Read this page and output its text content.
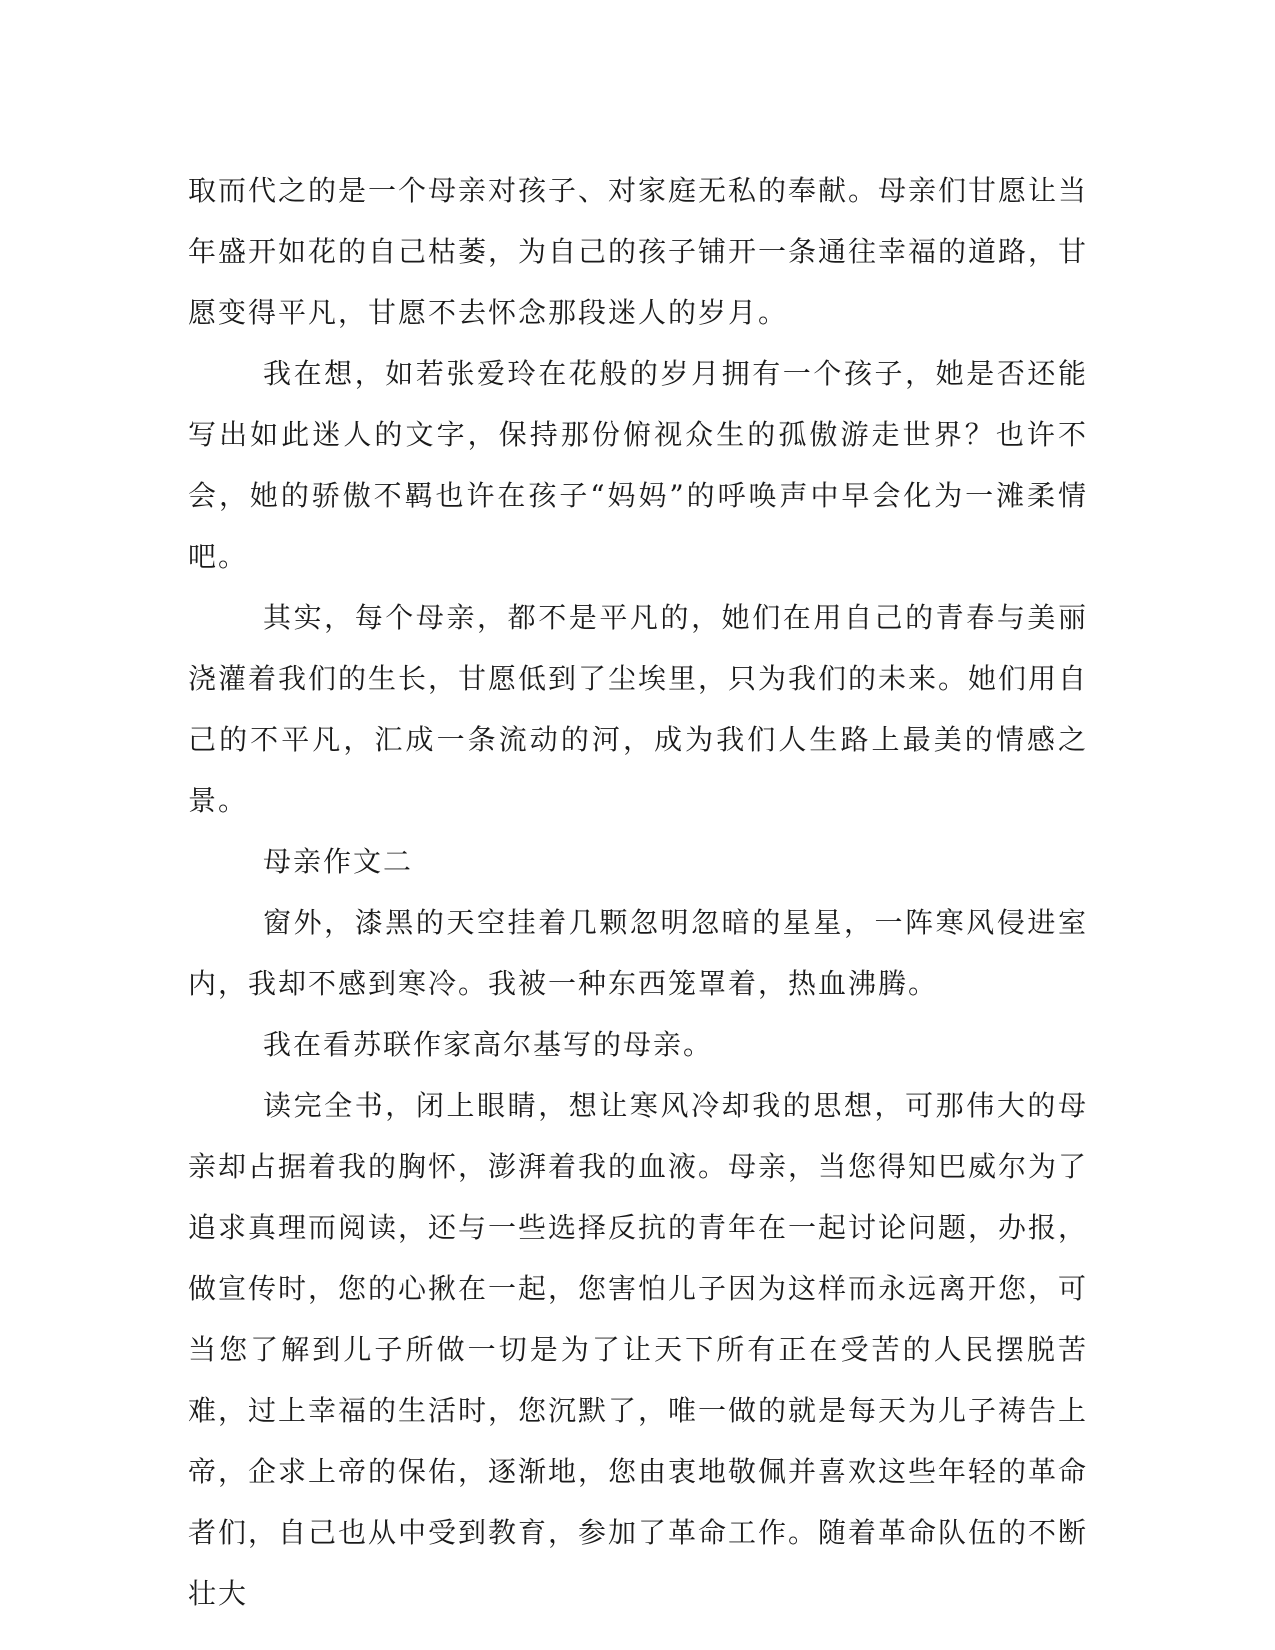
取而代之的是一个母亲对孩子、对家庭无私的奉献。母亲们甘愿让当年盛开如花的自己枯萎，为自己的孩子铺开一条通往幸福的道路，甘愿变得平凡，甘愿不去怀念那段迷人的岁月。

我在想，如若张爱玲在花般的岁月拥有一个孩子，她是否还能写出如此迷人的文字，保持那份俯视众生的孤傲游走世界？也许不会，她的骄傲不羁也许在孩子“妈妈”的呼唤声中早会化为一滩柔情吧。

其实，每个母亲，都不是平凡的，她们在用自己的青春与美丽浇灌着我们的生长，甘愿低到了尘埃里，只为我们的未来。她们用自己的不平凡，汇成一条流动的河，成为我们人生路上最美的情感之景。

母亲作文二

窗外，漆黑的天空挂着几颗忽明忽暗的星星，一阵寒风侵进室内，我却不感到寒冷。我被一种东西笼罩着，热血沸腾。

我在看苏联作家高尔基写的母亲。

读完全书，闭上眼睛，想让寒风冷却我的思想，可那伟大的母亲却占据着我的胸怀，澎湃着我的血液。母亲，当您得知巴威尔为了追求真理而阅读，还与一些选择反抗的青年在一起讨论问题，办报，做宣传时，您的心揪在一起，您害怕儿子因为这样而永远离开您，可当您了解到儿子所做一切是为了让天下所有正在受苦的人民摆脱苦难，过上幸福的生活时，您沉默了，唯一做的就是每天为儿子祷告上帝，企求上帝的保佑，逐渐地，您由衷地敬佩并喜欢这些年轻的革命者们，自己也从中受到教育，参加了革命工作。随着革命队伍的不断壮大
